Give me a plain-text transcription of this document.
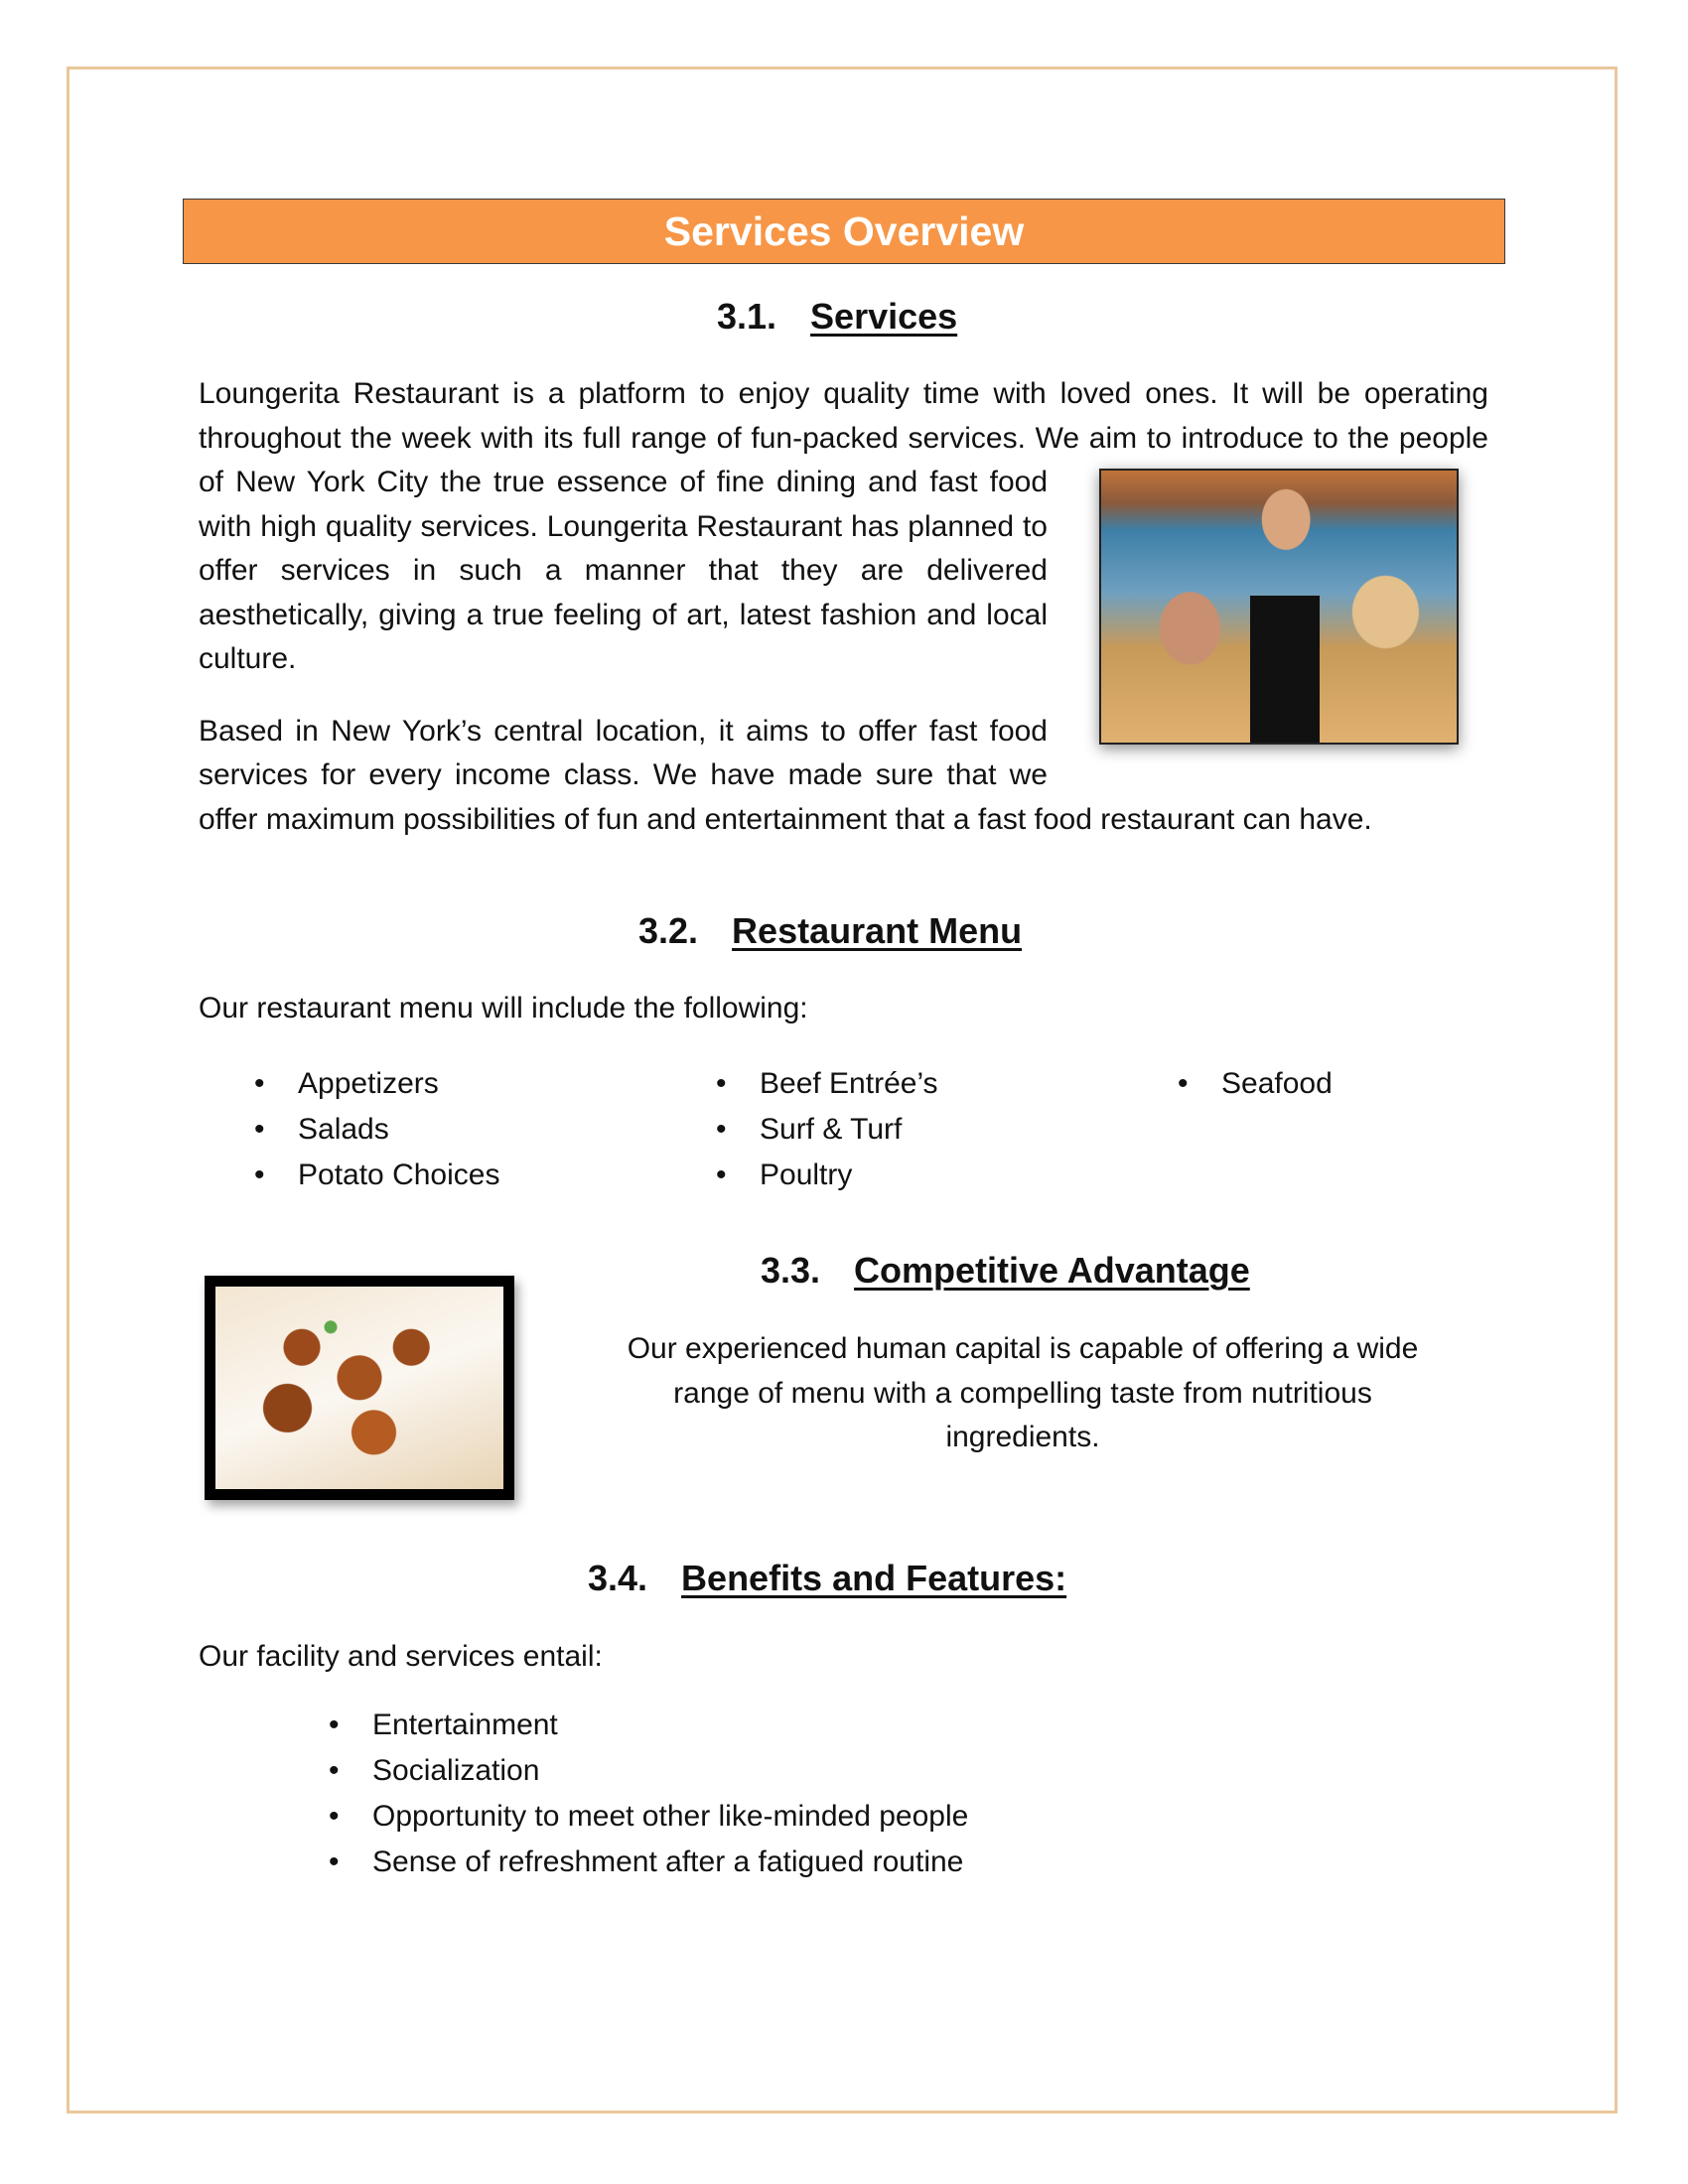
Services Overview
3.1. Services

Loungerita Restaurant is a platform to enjoy quality time with loved ones. It will be operating throughout the week with its full range of fun-packed services. We aim to introduce to the people of New York City the true essence of fine dining and fast food with high quality services. Loungerita Restaurant has planned to offer services in such a manner that they are delivered aesthetically, giving a true feeling of art, latest fashion and local culture.

Based in New York’s central location, it aims to offer fast food services for every income class. We have made sure that we offer maximum possibilities of fun and entertainment that a fast food restaurant can have.

3.2. Restaurant Menu
Our restaurant menu will include the following:
• Appetizers
• Salads
• Potato Choices
• Beef Entrée’s
• Surf & Turf
• Poultry
• Seafood
3.3. Competitive Advantage
Our experienced human capital is capable of offering a wide
range of menu with a compelling taste from nutritious
ingredients.
3.4. Benefits and Features:
Our facility and services entail:
• Entertainment
• Socialization
• Opportunity to meet other like-minded people
• Sense of refreshment after a fatigued routine
